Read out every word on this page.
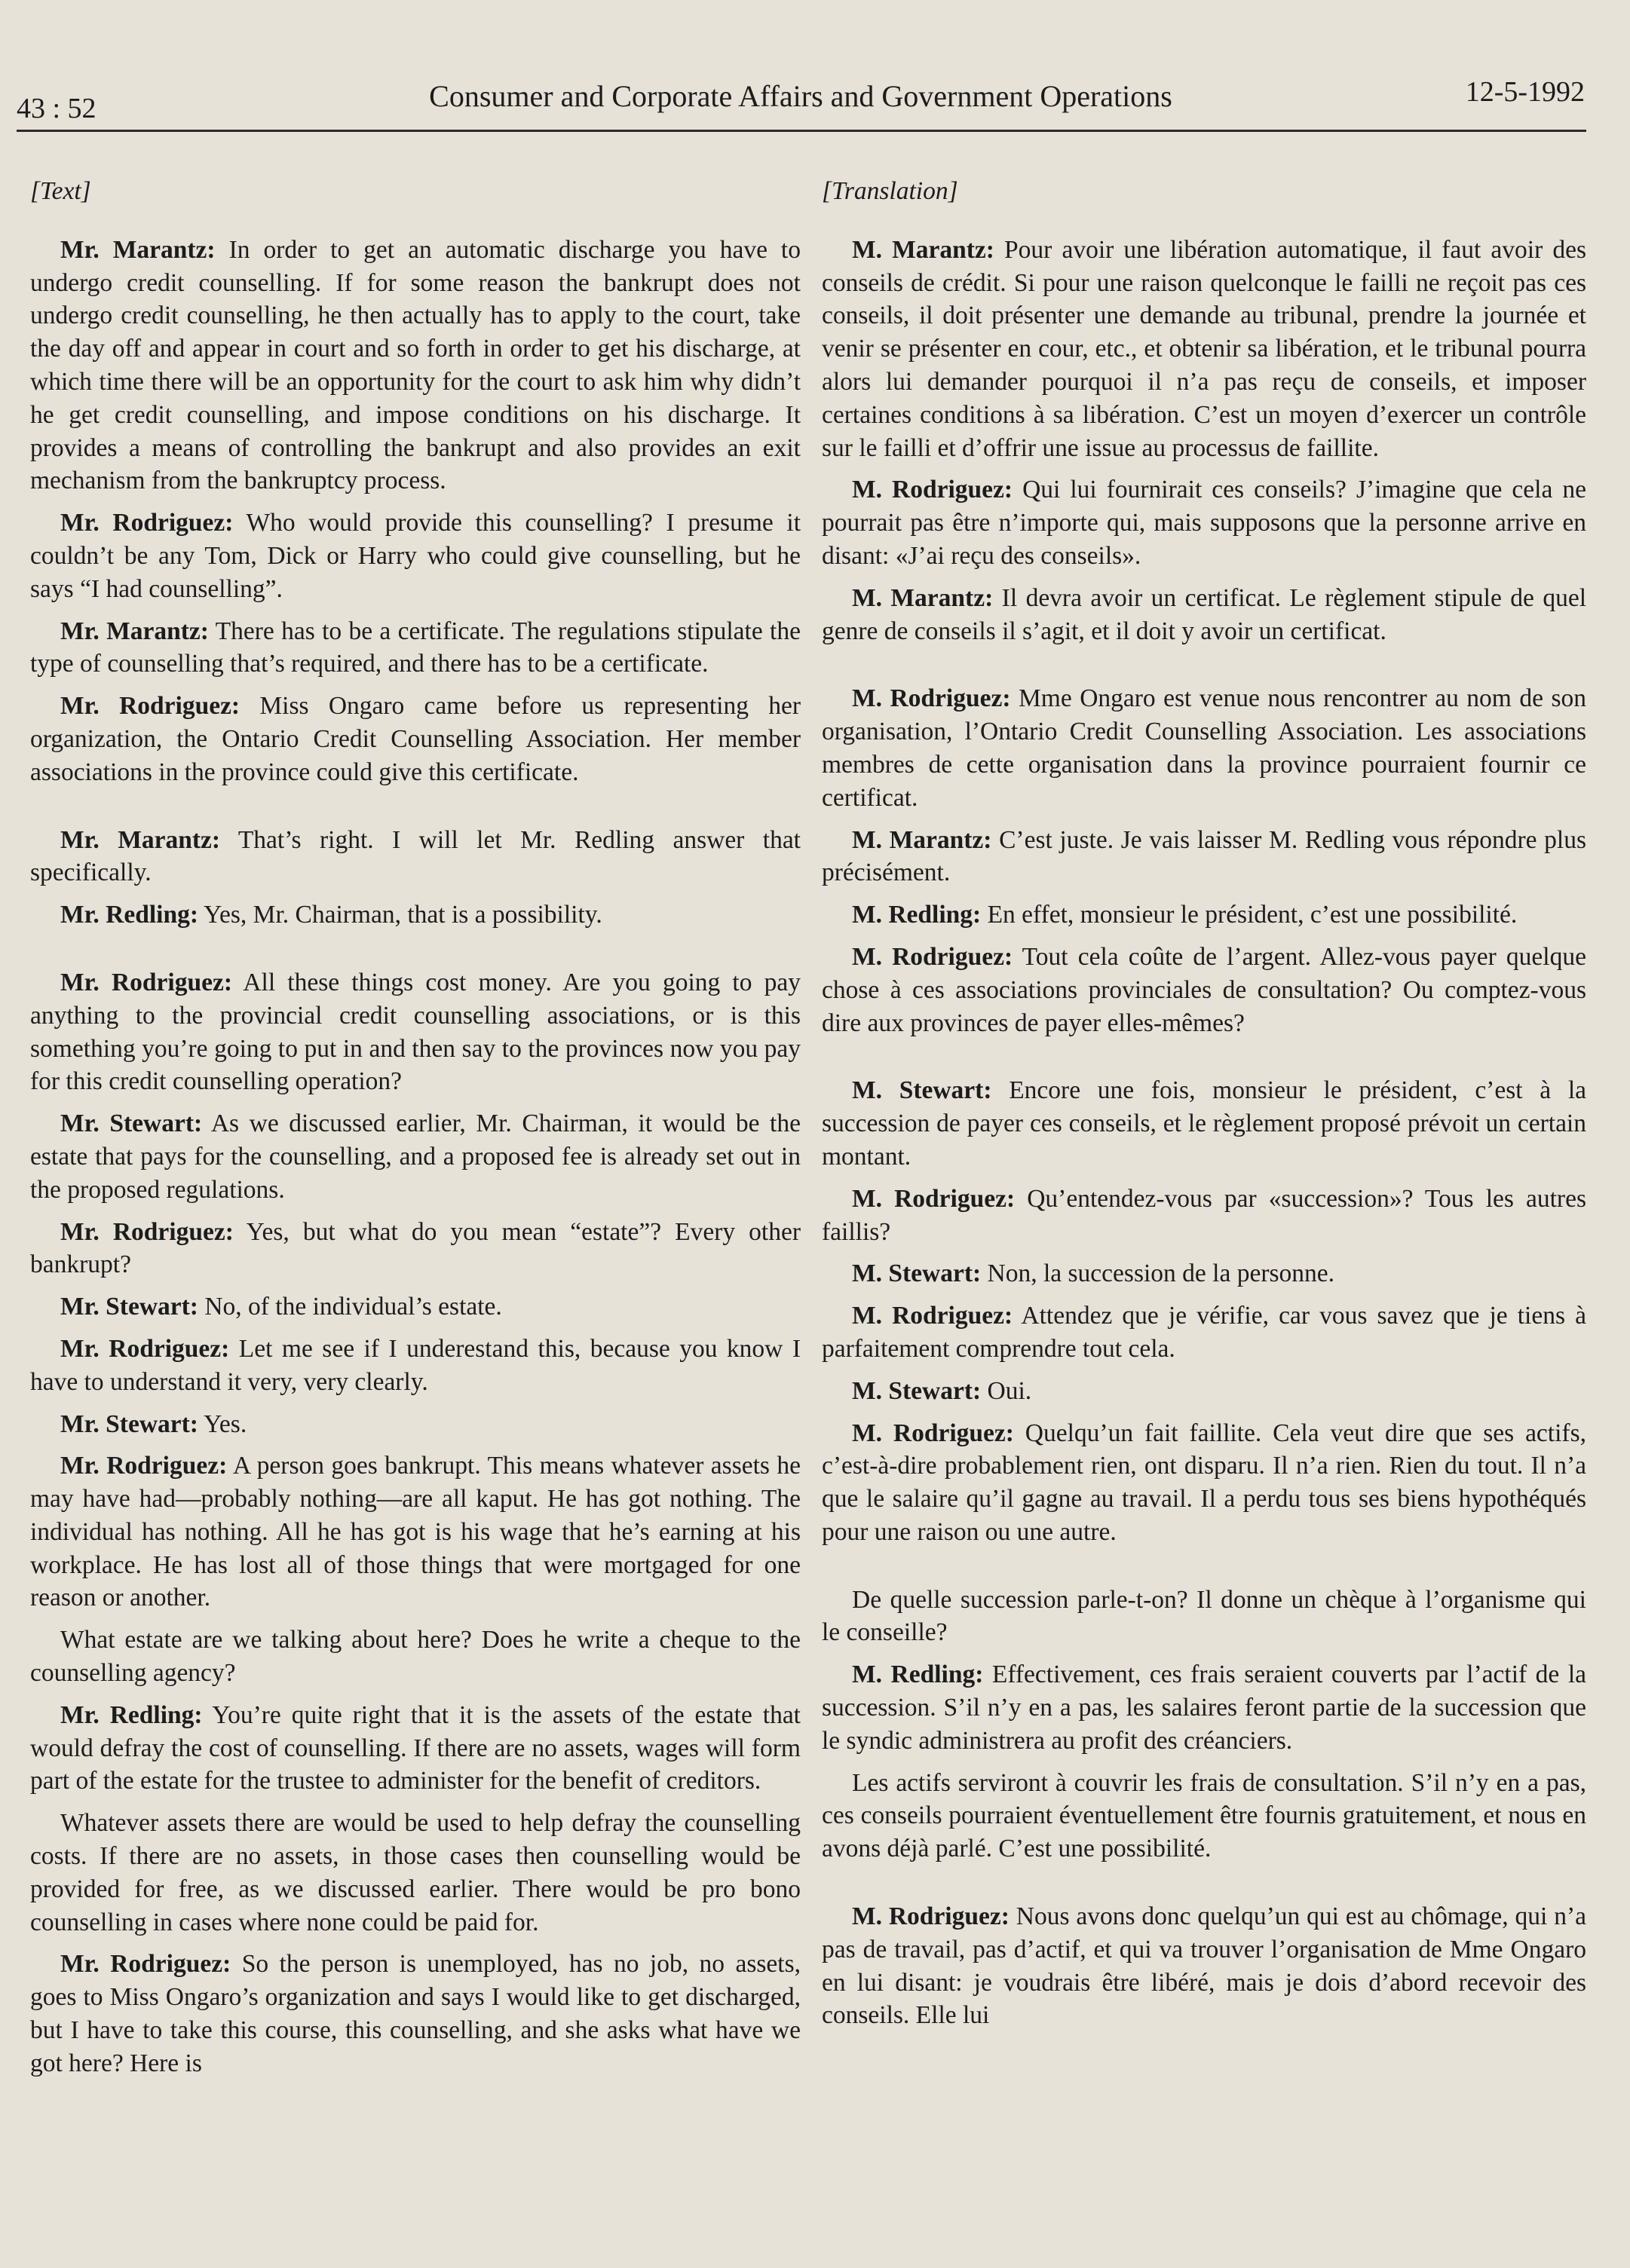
43 : 52	Consumer and Corporate Affairs and Government Operations	12-5-1992
[Text]

Mr. Marantz: In order to get an automatic discharge you have to undergo credit counselling. If for some reason the bankrupt does not undergo credit counselling, he then actually has to apply to the court, take the day off and appear in court and so forth in order to get his discharge, at which time there will be an opportunity for the court to ask him why didn’t he get credit counselling, and impose conditions on his discharge. It provides a means of controlling the bankrupt and also provides an exit mechanism from the bankruptcy process.

Mr. Rodriguez: Who would provide this counselling? I presume it couldn’t be any Tom, Dick or Harry who could give counselling, but he says “I had counselling”.

Mr. Marantz: There has to be a certificate. The regulations stipulate the type of counselling that’s required, and there has to be a certificate.

Mr. Rodriguez: Miss Ongaro came before us representing her organization, the Ontario Credit Counselling Association. Her member associations in the province could give this certificate.

Mr. Marantz: That’s right. I will let Mr. Redling answer that specifically.

Mr. Redling: Yes, Mr. Chairman, that is a possibility.

Mr. Rodriguez: All these things cost money. Are you going to pay anything to the provincial credit counselling associations, or is this something you’re going to put in and then say to the provinces now you pay for this credit counselling operation?

Mr. Stewart: As we discussed earlier, Mr. Chairman, it would be the estate that pays for the counselling, and a proposed fee is already set out in the proposed regulations.

Mr. Rodriguez: Yes, but what do you mean “estate”? Every other bankrupt?

Mr. Stewart: No, of the individual’s estate.

Mr. Rodriguez: Let me see if I underestand this, because you know I have to understand it very, very clearly.

Mr. Stewart: Yes.

Mr. Rodriguez: A person goes bankrupt. This means whatever assets he may have had—probably nothing—are all kaput. He has got nothing. The individual has nothing. All he has got is his wage that he’s earning at his workplace. He has lost all of those things that were mortgaged for one reason or another.

What estate are we talking about here? Does he write a cheque to the counselling agency?

Mr. Redling: You’re quite right that it is the assets of the estate that would defray the cost of counselling. If there are no assets, wages will form part of the estate for the trustee to administer for the benefit of creditors.

Whatever assets there are would be used to help defray the counselling costs. If there are no assets, in those cases then counselling would be provided for free, as we discussed earlier. There would be pro bono counselling in cases where none could be paid for.

Mr. Rodriguez: So the person is unemployed, has no job, no assets, goes to Miss Ongaro’s organization and says I would like to get discharged, but I have to take this course, this counselling, and she asks what have we got here? Here is

[Translation]

M. Marantz: Pour avoir une libération automatique, il faut avoir des conseils de crédit. Si pour une raison quelconque le failli ne reçoit pas ces conseils, il doit présenter une demande au tribunal, prendre la journée et venir se présenter en cour, etc., et obtenir sa libération, et le tribunal pourra alors lui demander pourquoi il n’a pas reçu de conseils, et imposer certaines conditions à sa libération. C’est un moyen d’exercer un contrôle sur le failli et d’offrir une issue au processus de faillite.

M. Rodriguez: Qui lui fournirait ces conseils? J’imagine que cela ne pourrait pas être n’importe qui, mais supposons que la personne arrive en disant: «J’ai reçu des conseils».

M. Marantz: Il devra avoir un certificat. Le règlement stipule de quel genre de conseils il s’agit, et il doit y avoir un certificat.

M. Rodriguez: Mme Ongaro est venue nous rencontrer au nom de son organisation, l’Ontario Credit Counselling Association. Les associations membres de cette organisation dans la province pourraient fournir ce certificat.

M. Marantz: C’est juste. Je vais laisser M. Redling vous répondre plus précisément.

M. Redling: En effet, monsieur le président, c’est une possibilité.

M. Rodriguez: Tout cela coûte de l’argent. Allez-vous payer quelque chose à ces associations provinciales de consultation? Ou comptez-vous dire aux provinces de payer elles-mêmes?

M. Stewart: Encore une fois, monsieur le président, c’est à la succession de payer ces conseils, et le règlement proposé prévoit un certain montant.

M. Rodriguez: Qu’entendez-vous par «succession»? Tous les autres faillis?

M. Stewart: Non, la succession de la personne.

M. Rodriguez: Attendez que je vérifie, car vous savez que je tiens à parfaitement comprendre tout cela.

M. Stewart: Oui.

M. Rodriguez: Quelqu’un fait faillite. Cela veut dire que ses actifs, c’est-à-dire probablement rien, ont disparu. Il n’a rien. Rien du tout. Il n’a que le salaire qu’il gagne au travail. Il a perdu tous ses biens hypothéqués pour une raison ou une autre.

De quelle succession parle-t-on? Il donne un chèque à l’organisme qui le conseille?

M. Redling: Effectivement, ces frais seraient couverts par l’actif de la succession. S’il n’y en a pas, les salaires feront partie de la succession que le syndic administrera au profit des créanciers.

Les actifs serviront à couvrir les frais de consultation. S’il n’y en a pas, ces conseils pourraient éventuellement être fournis gratuitement, et nous en avons déjà parlé. C’est une possibilité.

M. Rodriguez: Nous avons donc quelqu’un qui est au chômage, qui n’a pas de travail, pas d’actif, et qui va trouver l’organisation de Mme Ongaro en lui disant: je voudrais être libéré, mais je dois d’abord recevoir des conseils. Elle lui
